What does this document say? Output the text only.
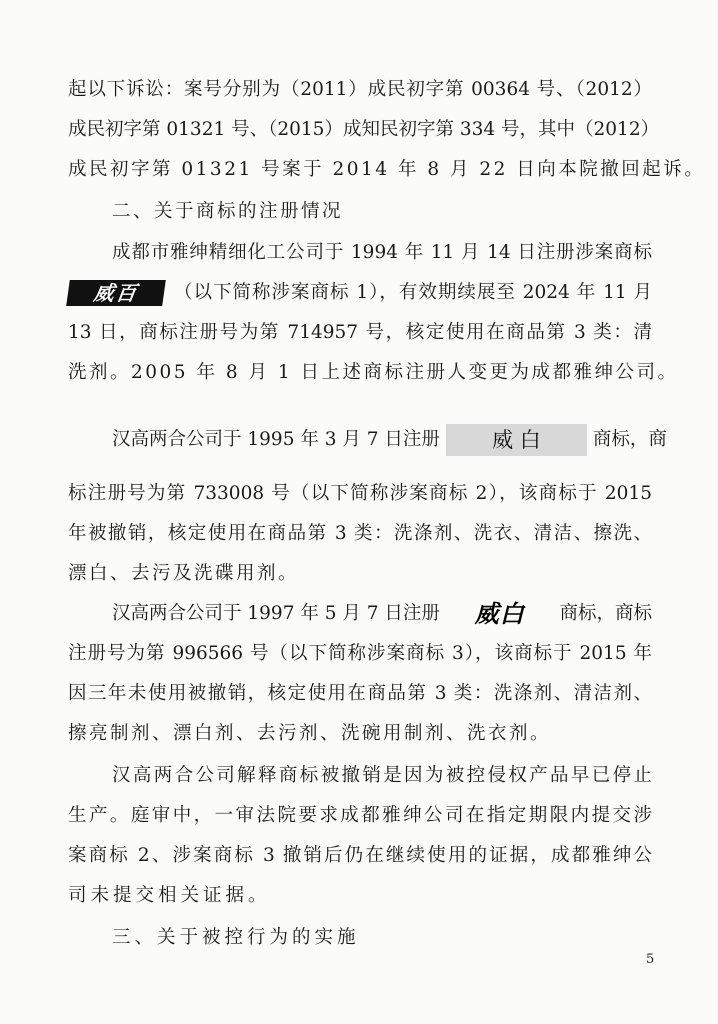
起以下诉讼：案号分别为（2011）成民初字第 00364 号、（2012）
成民初字第 01321 号、（2015）成知民初字第 334 号，其中（2012）
成民初字第 01321 号案于 2014 年 8 月 22 日向本院撤回起诉。
二、关于商标的注册情况
成都市雅绅精细化工公司于 1994 年 11 月 14 日注册涉案商标
威百	（以下简称涉案商标 1），有效期续展至 2024 年 11 月
13 日，商标注册号为第 714957 号，核定使用在商品第 3 类：清
洗剂。2005 年 8 月 1 日上述商标注册人变更为成都雅绅公司。
汉高两合公司于 1995 年 3 月 7 日注册	威 白	商标，商
标注册号为第 733008 号（以下简称涉案商标 2），该商标于 2015
年被撤销，核定使用在商品第 3 类：洗涤剂、洗衣、清洁、擦洗、
漂白、去污及洗碟用剂。
汉高两合公司于 1997 年 5 月 7 日注册	威白	商标，商标
注册号为第 996566 号（以下简称涉案商标 3），该商标于 2015 年
因三年未使用被撤销，核定使用在商品第 3 类：洗涤剂、清洁剂、
擦亮制剂、漂白剂、去污剂、洗碗用制剂、洗衣剂。
汉高两合公司解释商标被撤销是因为被控侵权产品早已停止
生产。庭审中，一审法院要求成都雅绅公司在指定期限内提交涉
案商标 2、涉案商标 3 撤销后仍在继续使用的证据，成都雅绅公
司未提交相关证据。
三、关于被控行为的实施
5
